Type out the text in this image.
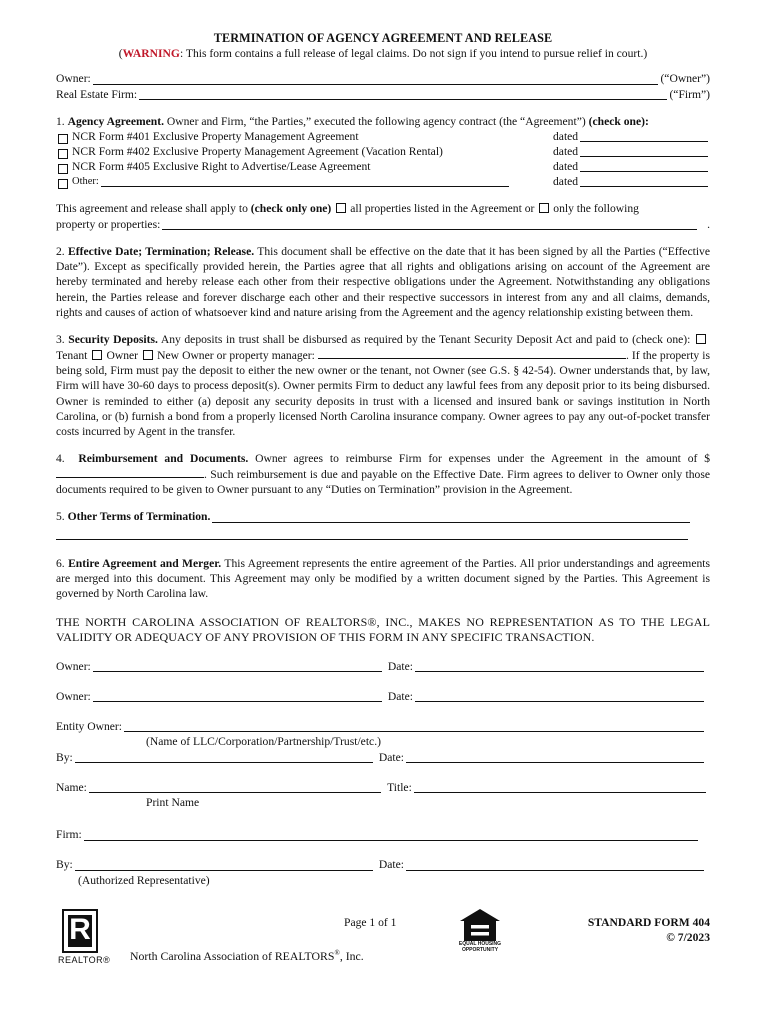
TERMINATION OF AGENCY AGREEMENT AND RELEASE
(WARNING: This form contains a full release of legal claims. Do not sign if you intend to pursue relief in court.)
Owner:	(“Owner”)
Real Estate Firm:	(“Firm”)
1. Agency Agreement. Owner and Firm, “the Parties,” executed the following agency contract (the “Agreement”) (check one):
NCR Form #401 Exclusive Property Management Agreement	dated
NCR Form #402 Exclusive Property Management Agreement (Vacation Rental)	dated
NCR Form #405 Exclusive Right to Advertise/Lease Agreement	dated
Other:	dated
This agreement and release shall apply to (check only one) all properties listed in the Agreement or only the following
property or properties:	.
2. Effective Date; Termination; Release. This document shall be effective on the date that it has been signed by all the Parties (“Effective Date”). Except as specifically provided herein, the Parties agree that all rights and obligations arising on account of the Agreement are hereby terminated and hereby release each other from their respective obligations under the Agreement. Notwithstanding any obligations herein, the Parties release and forever discharge each other and their respective successors in interest from any and all claims, demands, rights and causes of action of whatsoever kind and nature arising from the Agreement and the agency relationship existing between them.
3. Security Deposits. Any deposits in trust shall be disbursed as required by the Tenant Security Deposit Act and paid to (check one): Tenant Owner New Owner or property manager:	. If the property is being sold, Firm must pay the deposit to either the new owner or the tenant, not Owner (see G.S. § 42-54). Owner understands that, by law, Firm will have 30-60 days to process deposit(s). Owner permits Firm to deduct any lawful fees from any deposit prior to its being disbursed. Owner is reminded to either (a) deposit any security deposits in trust with a licensed and insured bank or savings institution in North Carolina, or (b) furnish a bond from a properly licensed North Carolina insurance company. Owner agrees to pay any out-of-pocket transfer costs incurred by Agent in the transfer.
4. Reimbursement and Documents. Owner agrees to reimburse Firm for expenses under the Agreement in the amount of $. Such reimbursement is due and payable on the Effective Date. Firm agrees to deliver to Owner only those documents required to be given to Owner pursuant to any “Duties on Termination” provision in the Agreement.
5. Other Terms of Termination.
6. Entire Agreement and Merger. This Agreement represents the entire agreement of the Parties. All prior understandings and agreements are merged into this document. This Agreement may only be modified by a written document signed by the Parties. This Agreement is governed by North Carolina law.
THE NORTH CAROLINA ASSOCIATION OF REALTORS®, INC., MAKES NO REPRESENTATION AS TO THE LEGAL VALIDITY OR ADEQUACY OF ANY PROVISION OF THIS FORM IN ANY SPECIFIC TRANSACTION.
Owner:	Date:
Owner:	Date:
Entity Owner:
(Name of LLC/Corporation/Partnership/Trust/etc.)
By:	Date:
Name:	Title:
Print Name
Firm:
By:	Date:
(Authorized Representative)
R
REALTOR®
Page 1 of 1
EQUAL HOUSING OPPORTUNITY
North Carolina Association of REALTORS®, Inc.
STANDARD FORM 404
© 7/2023
